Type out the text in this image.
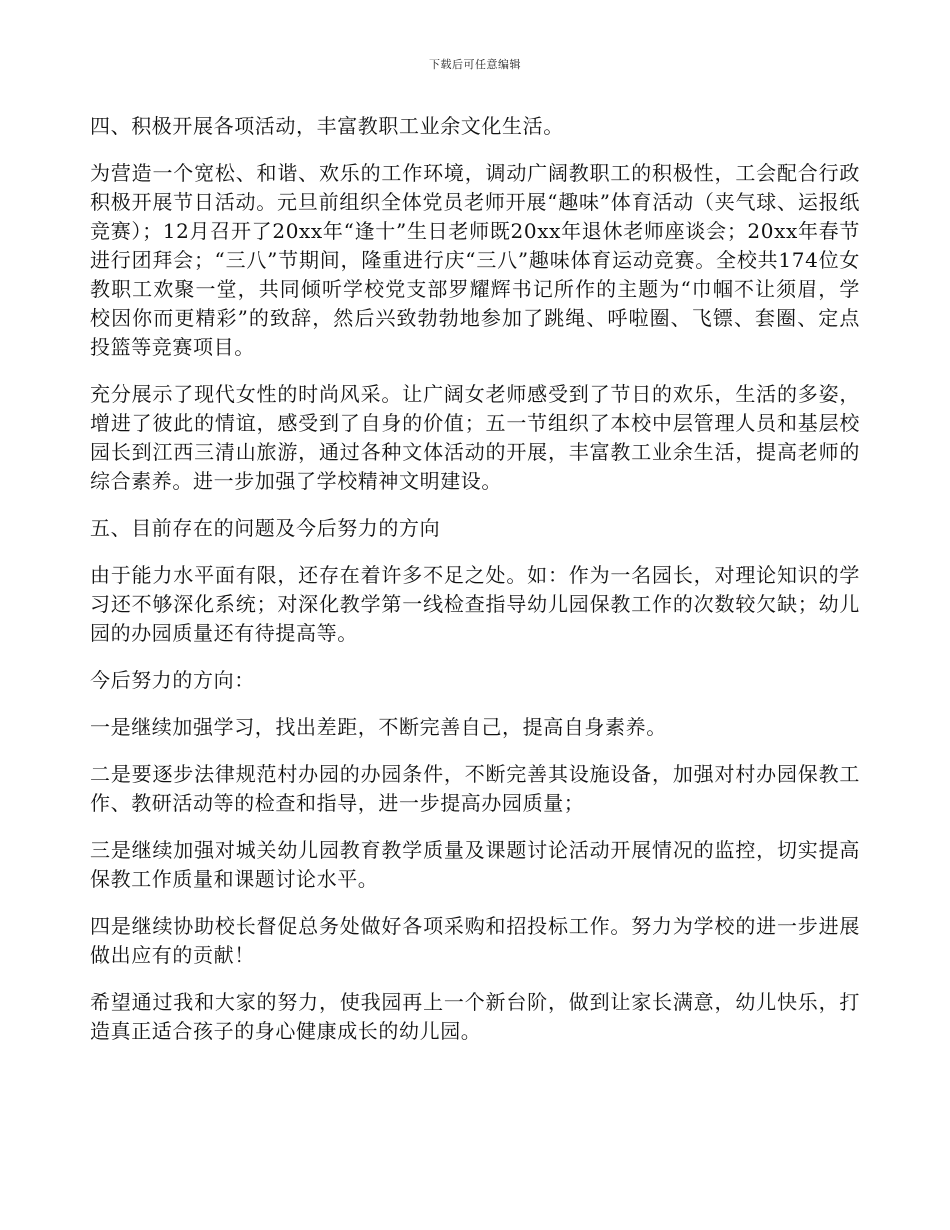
下载后可任意编辑

四、积极开展各项活动，丰富教职工业余文化生活。

为营造一个宽松、和谐、欢乐的工作环境，调动广阔教职工的积极性，工会配合行政积极开展节日活动。元旦前组织全体党员老师开展“趣味”体育活动（夹气球、运报纸竞赛）；12月召开了20xx年“逢十”生日老师既20xx年退休老师座谈会；20xx年春节进行团拜会；“三八”节期间，隆重进行庆“三八”趣味体育运动竞赛。全校共174位女教职工欢聚一堂，共同倾听学校党支部罗耀辉书记所作的主题为“巾帼不让须眉，学校因你而更精彩”的致辞，然后兴致勃勃地参加了跳绳、呼啦圈、飞镖、套圈、定点投篮等竞赛项目。

充分展示了现代女性的时尚风采。让广阔女老师感受到了节日的欢乐，生活的多姿，增进了彼此的情谊，感受到了自身的价值；五一节组织了本校中层管理人员和基层校园长到江西三清山旅游，通过各种文体活动的开展，丰富教工业余生活，提高老师的综合素养。进一步加强了学校精神文明建设。

五、目前存在的问题及今后努力的方向

由于能力水平面有限，还存在着许多不足之处。如：作为一名园长，对理论知识的学习还不够深化系统；对深化教学第一线检查指导幼儿园保教工作的次数较欠缺；幼儿园的办园质量还有待提高等。

今后努力的方向：

一是继续加强学习，找出差距，不断完善自己，提高自身素养。

二是要逐步法律规范村办园的办园条件，不断完善其设施设备，加强对村办园保教工作、教研活动等的检查和指导，进一步提高办园质量；

三是继续加强对城关幼儿园教育教学质量及课题讨论活动开展情况的监控，切实提高保教工作质量和课题讨论水平。

四是继续协助校长督促总务处做好各项采购和招投标工作。努力为学校的进一步进展做出应有的贡献！

希望通过我和大家的努力，使我园再上一个新台阶，做到让家长满意，幼儿快乐，打造真正适合孩子的身心健康成长的幼儿园。
